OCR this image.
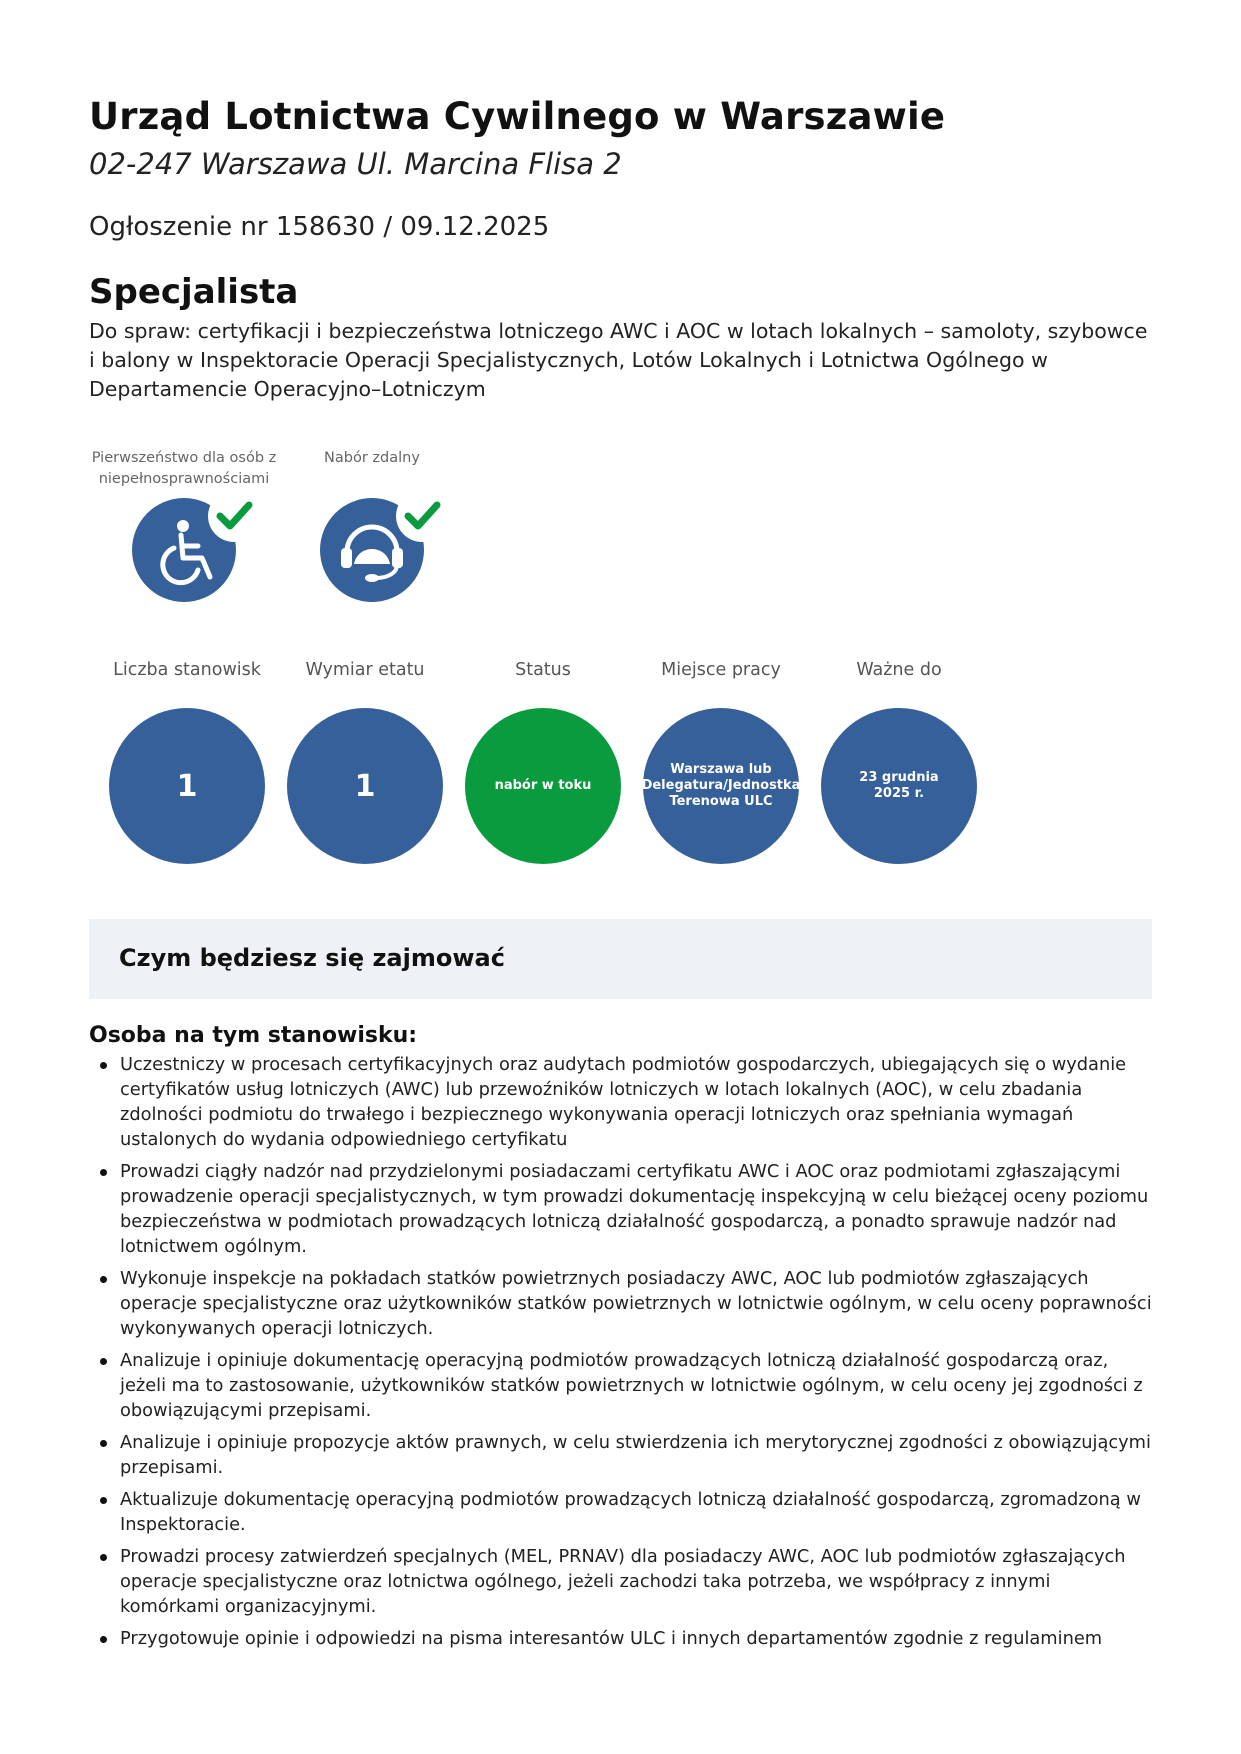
Urząd Lotnictwa Cywilnego w Warszawie

02-247 Warszawa Ul. Marcina Flisa 2

Ogłoszenie nr 158630 / 09.12.2025

Specjalista

Do spraw: certyfikacji i bezpieczeństwa lotniczego AWC i AOC w lotach lokalnych – samoloty, szybowce i balony w Inspektoracie Operacji Specjalistycznych, Lotów Lokalnych i Lotnictwa Ogólnego w Departamencie Operacyjno–Lotniczym

Pierwszeństwo dla osób z niepełnosprawnościami
Nabór zdalny
Liczba stanowisk
1
Wymiar etatu
1
Status
nabór w toku
Miejsce pracy
Warszawa lub Delegatura/Jednostka Terenowa ULC
Ważne do
23 grudnia 2025 r.
Czym będziesz się zajmować
Osoba na tym stanowisku:
Uczestniczy w procesach certyfikacyjnych oraz audytach podmiotów gospodarczych, ubiegających się o wydanie certyfikatów usług lotniczych (AWC) lub przewoźników lotniczych w lotach lokalnych (AOC), w celu zbadania zdolności podmiotu do trwałego i bezpiecznego wykonywania operacji lotniczych oraz spełniania wymagań ustalonych do wydania odpowiedniego certyfikatu
Prowadzi ciągły nadzór nad przydzielonymi posiadaczami certyfikatu AWC i AOC oraz podmiotami zgłaszającymi prowadzenie operacji specjalistycznych, w tym prowadzi dokumentację inspekcyjną w celu bieżącej oceny poziomu bezpieczeństwa w podmiotach prowadzących lotniczą działalność gospodarczą, a ponadto sprawuje nadzór nad lotnictwem ogólnym.
Wykonuje inspekcje na pokładach statków powietrznych posiadaczy AWC, AOC lub podmiotów zgłaszających operacje specjalistyczne oraz użytkowników statków powietrznych w lotnictwie ogólnym, w celu oceny poprawności wykonywanych operacji lotniczych.
Analizuje i opiniuje dokumentację operacyjną podmiotów prowadzących lotniczą działalność gospodarczą oraz, jeżeli ma to zastosowanie, użytkowników statków powietrznych w lotnictwie ogólnym, w celu oceny jej zgodności z obowiązującymi przepisami.
Analizuje i opiniuje propozycje aktów prawnych, w celu stwierdzenia ich merytorycznej zgodności z obowiązującymi przepisami.
Aktualizuje dokumentację operacyjną podmiotów prowadzących lotniczą działalność gospodarczą, zgromadzoną w Inspektoracie.
Prowadzi procesy zatwierdzeń specjalnych (MEL, PRNAV) dla posiadaczy AWC, AOC lub podmiotów zgłaszających operacje specjalistyczne oraz lotnictwa ogólnego, jeżeli zachodzi taka potrzeba, we współpracy z innymi komórkami organizacyjnymi.
Przygotowuje opinie i odpowiedzi na pisma interesantów ULC i innych departamentów zgodnie z regulaminem
